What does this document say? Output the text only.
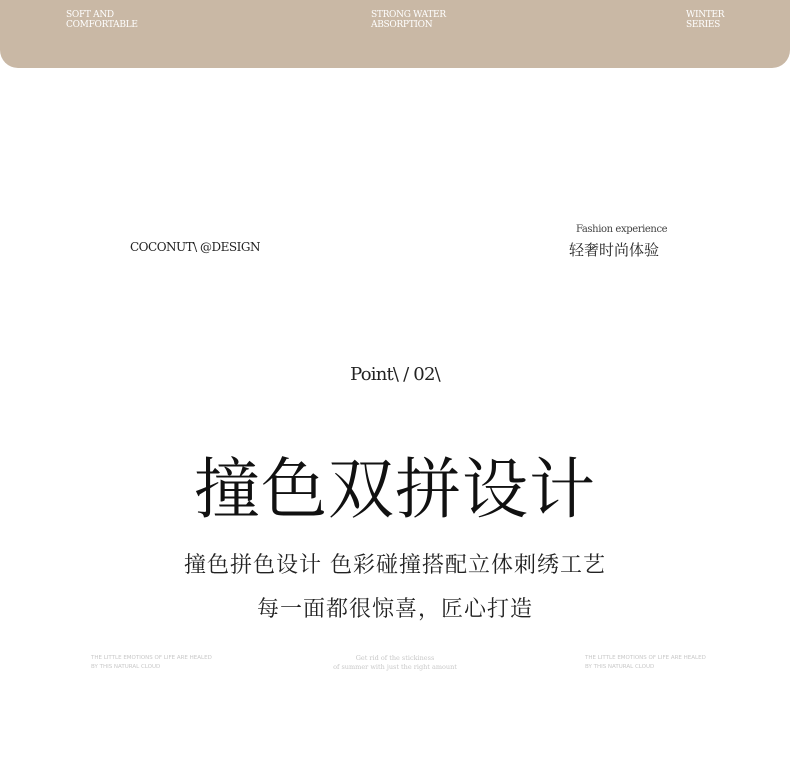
SOFT AND
COMFORTABLE
STRONG WATER
ABSORPTION
WINTER
SERIES
COCONUT\ @DESIGN
Fashion experience
轻奢时尚体验
Point\ / 02\
撞色双拼设计
撞色拼色设计 色彩碰撞搭配立体刺绣工艺
每一面都很惊喜，匠心打造
THE LITTLE EMOTIONS OF LIFE ARE HEALED
BY THIS NATURAL CLOUD
Get rid of the stickiness
of summer with just the right amount
THE LITTLE EMOTIONS OF LIFE ARE HEALED
BY THIS NATURAL CLOUD
